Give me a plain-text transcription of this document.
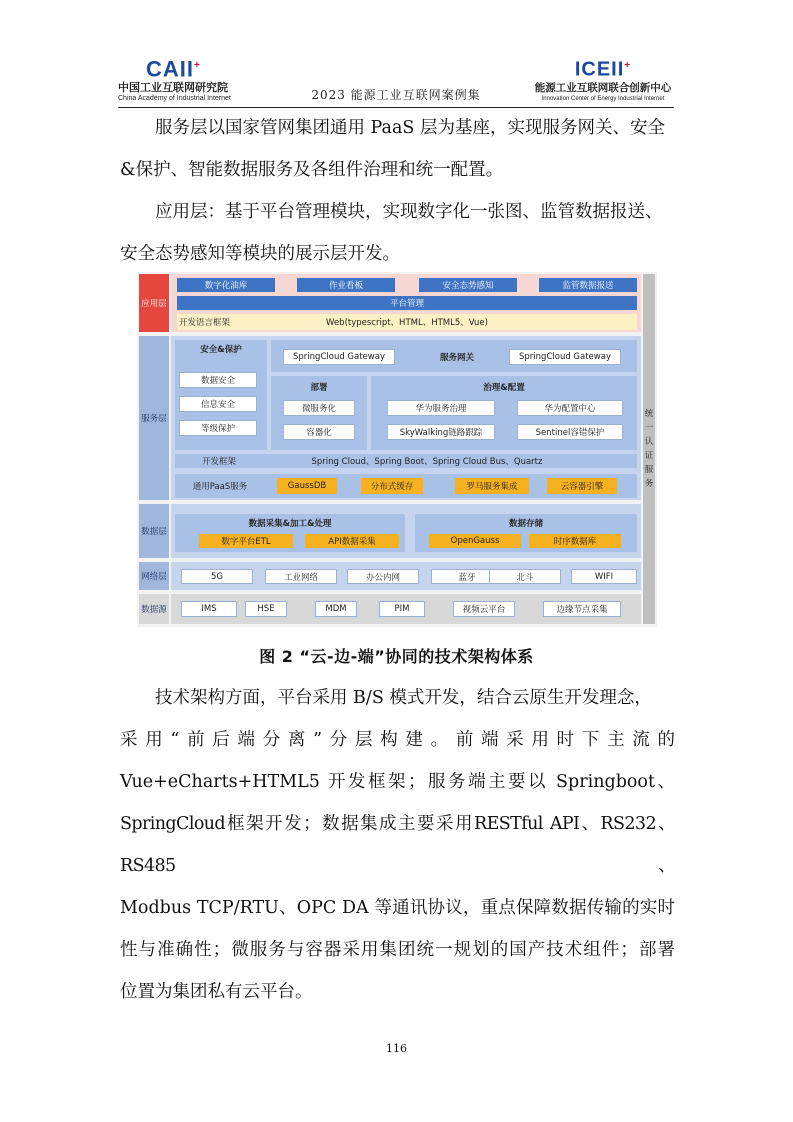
CAII+
中国工业互联网研究院
China Academy of Industrial Internet	2023 能源工业互联网案例集
ICEII+
能源工业互联网联合创新中心
Innovation Center of Energy Industrial Internet

服务层以国家管网集团通用 PaaS 层为基座，实现服务网关、安全&保护、智能数据服务及各组件治理和统一配置。

应用层：基于平台管理模块，实现数字化一张图、监管数据报送、安全态势感知等模块的展示层开发。

应用层
数字化油库	作业看板	安全态势感知	监管数据报送
平台管理
开发语言框架	Web(typescript、HTML、HTML5、Vue)
服务层
安全&保护
数据安全
信息安全
等级保护
SpringCloud Gateway	服务网关	SpringCloud Gateway
部署
微服务化
容器化
治理&配置
华为服务治理	华为配置中心
SkyWalking链路跟踪	Sentinel容错保护
开发框架	Spring Cloud、Spring Boot、Spring Cloud Bus、Quartz
通用PaaS服务	GaussDB	分布式缓存	罗马服务集成	云容器引擎
数据层
数据采集&加工&处理
数字平台ETL	API数据采集
数据存储
OpenGauss	时序数据库
网络层	5G	工业网络	办公内网	蓝牙	北斗	WIFI
数据源	IMS	HSE	MDM	PIM	视频云平台	边缘节点采集
统
一
认
证
服
务
图 2 “云-边-端”协同的技术架构体系
技术架构方面，平台采用 B/S 模式开发，结合云原生开发理念，
采用“前后端分离”分层构建。前端采用时下主流的
Vue+eCharts+HTML5 开发框架；服务端主要以 Springboot、
SpringCloud框架开发；数据集成主要采用RESTful API、RS232、RS485、
Modbus TCP/RTU、OPC DA 等通讯协议，重点保障数据传输的实时
性与准确性；微服务与容器采用集团统一规划的国产技术组件；部署
位置为集团私有云平台。
116
